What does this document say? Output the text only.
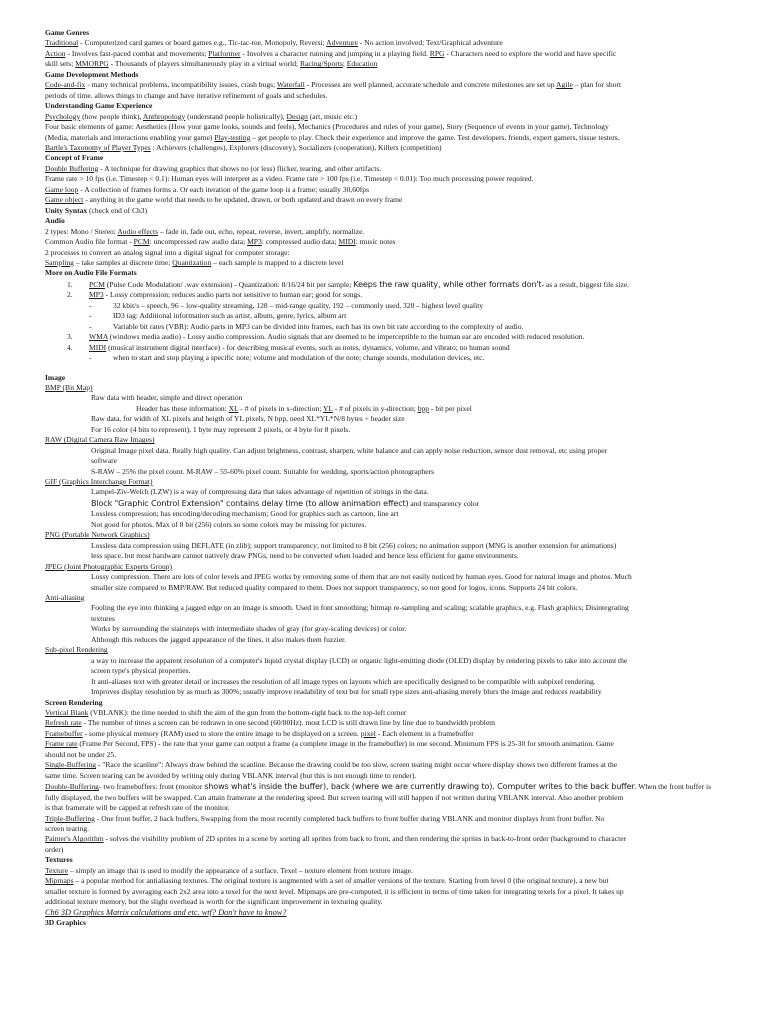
Game Genres
Traditional - Computerized card games or board games e.g., Tic-tac-toe, Monopoly, Reversi; Adventure - No action involved; Text/Graphical adventure
Action - Involves fast-paced combat and movements; Platformer - Involves a character running and jumping in a playing field. RPG - Characters need to explore the world and have specific
skill sets; MMORPG - Thousands of players simultaneously play in a virtual world; Racing/Sports; Education
Game Development Methods
Code-and-fix - many technical problems, incompatibility issues, crash bugs; Waterfall - Processes are well planned, accurate schedule and concrete milestones are set up Agile – plan for short
periods of time. allows things to change and have iterative refinement of goals and schedules.
Understanding Game Experience
Psychology (how people think), Anthropology (understand people holistically), Design (art, music etc.)
Four basic elements of game: Aesthetics (How your game looks, sounds and feels), Mechanics (Procedures and rules of your game), Story (Sequence of events in your game), Technology
(Media, materials and interactions enabling your game) Play-testing – get people to play. Check their experience and improve the game. Test developers, friends, expert gamers, tissue testers.
Bartle's Taxonomy of Player Types : Achievers (challenges), Explorers (discovery), Socializers (cooperation), Killers (competition)
Concept of Frame
Double Buffering - A technique for drawing graphics that shows no (or less) flicker, tearing, and other artifacts.
Frame rate > 10 fps (i.e. Timestep < 0.1): Human eyes will interpret as a video. Frame rate > 100 fps (i.e. Timestep < 0.01): Too much processing power required.
Game loop - A collection of frames forms a. Or each iteration of the game loop is a frame; usually 30,60fps
Game object - anything in the game world that needs to be updated, drawn, or both updated and drawn on every frame
Unity Syntax (check end of Ch3)
Audio
2 types: Mono / Stereo; Audio effects – fade in, fade out, echo, repeat, reverse, invert, amplify, normalize.
Common Audio file format - PCM: uncompressed raw audio data; MP3: compressed audio data; MIDI: music notes
2 processes to convert an analog signal into a digital signal for computer storage:
Sampling – take samples at discrete time; Quantization – each sample is mapped to a discrete level
More on Audio File Formats
1. PCM (Pulse Code Modulation/ .wav extension) - Quantization: 8/16/24 bit per sample; Keeps the raw quality, while other formats don't- as a result, biggest file size.
2. MP3 - Lossy compression; reduces audio parts not sensitive to human ear; good for songs.
-	32 kbit/s – speech, 96 – low-quality streaming, 128 – mid-range quality, 192 – commonly used, 320 – highest level quality
-	ID3 tag: Additional information such as artist, album, genre, lyrics, album art
-	Variable bit rates (VBR): Audio parts in MP3 can be divided into frames, each has its own bit rate according to the complexity of audio.
3. WMA (windows media audio) - Lossy audio compression. Audio signals that are deemed to be imperceptible to the human ear are encoded with reduced resolution.
4. MIDI (musical instrument digital interface) - for describing musical events, such as notes, dynamics, volume, and vibrato; no human sound
-	when to start and stop playing a specific note; volume and modulation of the note; change sounds, modulation devices, etc.
Image
BMP (Bit Map)
Raw data with header, simple and direct operation
Header has these information: XL - # of pixels in x-direction; YL - # of pixels in y-direction; bpp - bit per pixel
Raw data, for width of XL pixels and heigth of YL pixels, N bpp, need XL*YL*N/8 bytes + header size
For 16 color (4 bits to represent), 1 byte may represent 2 pixels, or 4 byte for 8 pixels.
RAW (Digital Camera Raw Images)
Original Image pixel data. Really high quality. Can adjust brightness, contrast, sharpen, white balance and can apply noise reduction, sensor dust removal, etc using proper
software
S-RAW – 25% the pixel count. M-RAW – 55-60% pixel count. Suitable for wedding, sports/action photographers
GIF (Graphics Interchange Format)
Lampel-Ziv-Welch (LZW) is a way of compressing data that takes advantage of repetition of strings in the data.
Block "Graphic Control Extension" contains delay time (to allow animation effect) and transparency color
Lossless compression; has encoding/decoding mechanism; Good for graphics such as cartoon, line art
Not good for photos. Max of 8 bit (256) colors so some colors may be missing for pictures.
PNG (Portable Network Graphics)
Lossless data compression using DEFLATE (in zlib); support transparency; not limited to 8 bit (256) colors; no animation support (MNG is another extension for animations)
less space, but most hardware cannot natively draw PNGs, need to be converted when loaded and hence less efficient for game environments.
JPEG (Joint Photographic Experts Group)
Lossy compression. There are lots of color levels and JPEG works by removing some of them that are not easily noticed by human eyes. Good for natural image and photos. Much
smaller size compared to BMP/RAW. But reduced quality compared to them. Does not support transparency, so not good for logos, icons. Supports 24 bit colors.
Anti-aliasing
Fooling the eye into thinking a jagged edge on an image is smooth. Used in font smoothing; bitmap re-sampling and scaling; scalable graphics, e.g. Flash graphics; Disintegrating
textures
Works by surrounding the stairsteps with intermediate shades of gray (for gray-scaling devices) or color.
Although this reduces the jagged appearance of the lines, it also makes them fuzzier.
Sub-pixel Rendering
a way to increase the apparent resolution of a computer's liquid crystal display (LCD) or organic light-emitting diode (OLED) display by rendering pixels to take into account the
screen type's physical properties.
It anti-aliases text with greater detail or increases the resolution of all image types on layouts which are specifically designed to be compatible with subpixel rendering.
Improves display resolution by as much as 300%; usually improve readability of text but for small type sizes anti-aliasing merely blurs the image and reduces readability
Screen Rendering
Vertical Blank (VBLANK): the time needed to shift the aim of the gun from the bottom-right back to the top-left corner
Refresh rate - The number of times a screen can be redrawn in one second (60/80Hz). most LCD is still drawn line by line due to bandwidth problem
Framebuffer - some physical memory (RAM) used to store the entire image to be displayed on a screen. pixel - Each element in a framebuffer
Frame rate (Frame Per Second, FPS) - the rate that your game can output a frame (a complete image in the framebuffer) in one second. Minimum FPS is 25-30 for smooth animation. Game
should not be under 25.
Single-Buffering - "Race the scanline": Always draw behind the scanline. Because the drawing could be too slow, screen tearing might occur where display shows two different frames at the
same time. Screen tearing can be avoided by writing only during VBLANK interval (but this is not enough time to render).
Double-Buffering- two framebuffers: front (monitor shows what's inside the buffer), back (where we are currently drawing to). Computer writes to the back buffer. When the front buffer is
fully displayed, the two buffers will be swapped. Can attain framerate at the rendering speed. But screen tearing will still happen if not written during VBLANK interval. Also another problem
is that framerate will be capped at refresh rate of the monitor.
Triple-Buffering - One front buffer, 2 back buffers. Swapping from the most recently completed back buffers to front buffer during VBLANK and monitor displays from front buffer. No
screen tearing.
Painter's Algorithm - solves the visibility problem of 2D sprites in a scene by sorting all sprites from back to front, and then rendering the sprites in back-to-front order (background to character
order)
Textures
Texture – simply an image that is used to modify the appearance of a surface. Texel – texture element from texture image.
Mipmaps – a popular method for antialiasing textures. The original texture is augmented with a set of smaller versions of the texture. Starting from level 0 (the original texture), a new but
smaller texture is formed by averaging each 2x2 area into a texel for the next level. Mipmaps are pre-computed, it is efficient in terms of time taken for integrating texels for a pixel. It takes up
additional texture memory, but the slight overhead is worth for the significant improvement in texturing quality.
Ch6 3D Graphics Matrix calculations and etc. wtf? Don't have to know?
3D Graphics
